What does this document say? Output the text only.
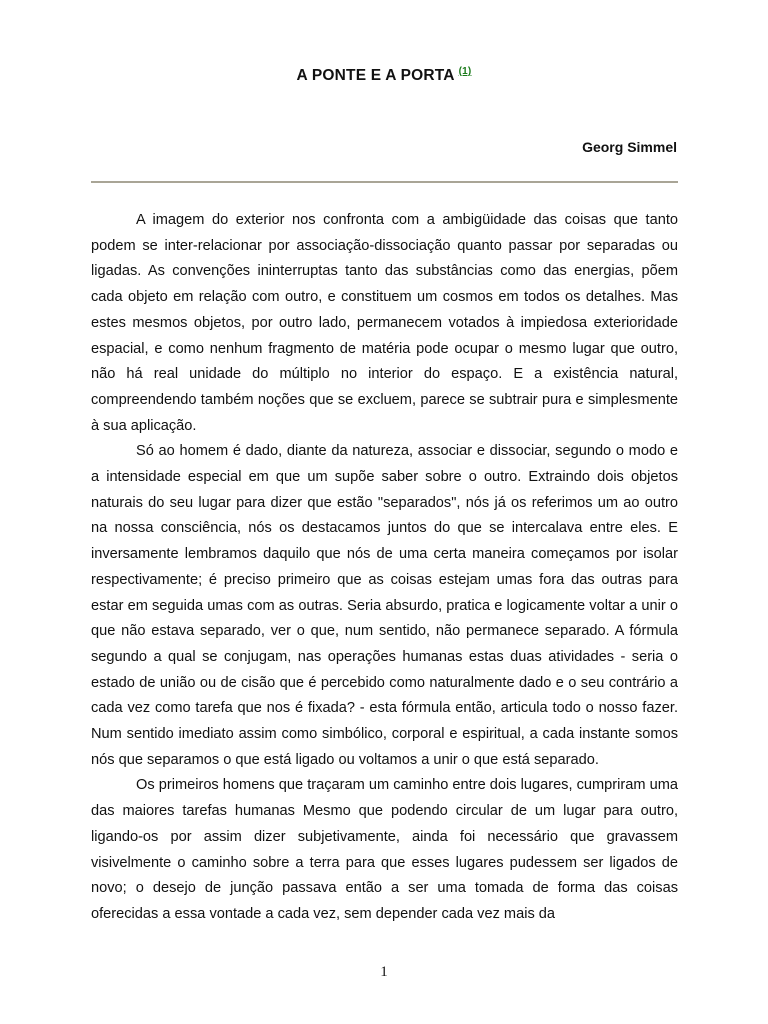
A PONTE E A PORTA $^{(1)}$
Georg Simmel

A imagem do exterior nos confronta com a ambigüidade das coisas que tanto podem se inter-relacionar por associação-dissociação quanto passar por separadas ou ligadas. As convenções ininterruptas tanto das substâncias como das energias, põem cada objeto em relação com outro, e constituem um cosmos em todos os detalhes. Mas estes mesmos objetos, por outro lado, permanecem votados à impiedosa exterioridade espacial, e como nenhum fragmento de matéria pode ocupar o mesmo lugar que outro, não há real unidade do múltiplo no interior do espaço. E a existência natural, compreendendo também noções que se excluem, parece se subtrair pura e simplesmente à sua aplicação.

Só ao homem é dado, diante da natureza, associar e dissociar, segundo o modo e a intensidade especial em que um supõe saber sobre o outro. Extraindo dois objetos naturais do seu lugar para dizer que estão "separados", nós já os referimos um ao outro na nossa consciência, nós os destacamos juntos do que se intercalava entre eles. E inversamente lembramos daquilo que nós de uma certa maneira começamos por isolar respectivamente; é preciso primeiro que as coisas estejam umas fora das outras para estar em seguida umas com as outras. Seria absurdo, pratica e logicamente voltar a unir o que não estava separado, ver o que, num sentido, não permanece separado. A fórmula segundo a qual se conjugam, nas operações humanas estas duas atividades - seria o estado de união ou de cisão que é percebido como naturalmente dado e o seu contrário a cada vez como tarefa que nos é fixada? - esta fórmula então, articula todo o nosso fazer. Num sentido imediato assim como simbólico, corporal e espiritual, a cada instante somos nós que separamos o que está ligado ou voltamos a unir o que está separado.

Os primeiros homens que traçaram um caminho entre dois lugares, cumpriram uma das maiores tarefas humanas Mesmo que podendo circular de um lugar para outro, ligando-os por assim dizer subjetivamente, ainda foi necessário que gravassem visivelmente o caminho sobre a terra para que esses lugares pudessem ser ligados de novo; o desejo de junção passava então a ser uma tomada de forma das coisas oferecidas a essa vontade a cada vez, sem depender cada vez mais da

1
